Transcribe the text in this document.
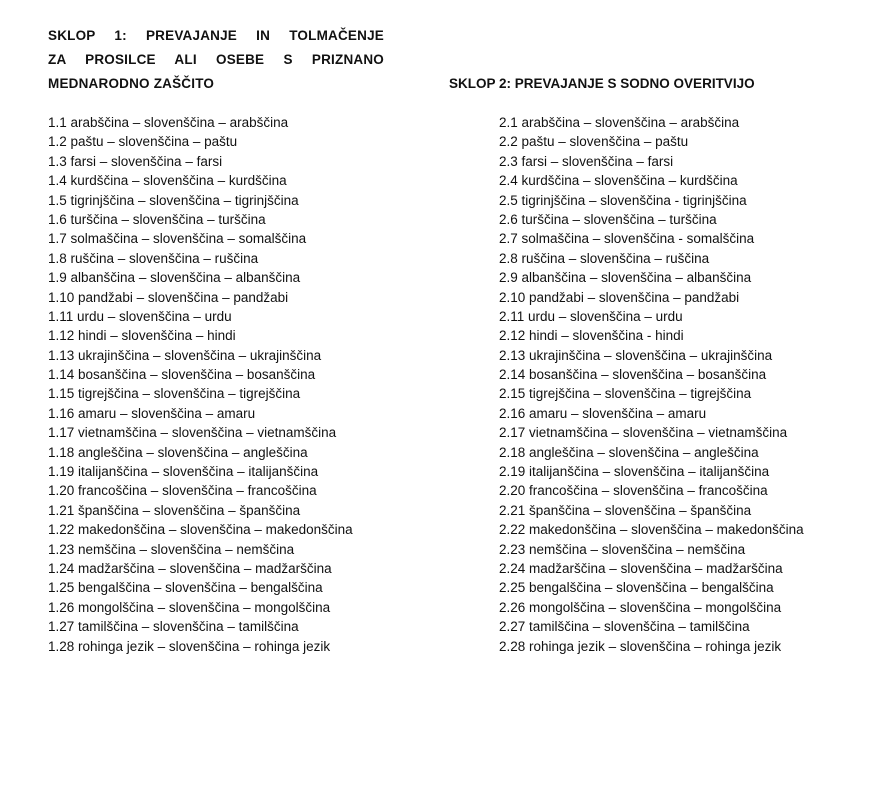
SKLOP 1: PREVAJANJE IN TOLMAČENJE
ZA PROSILCE ALI OSEBE S PRIZNANO
MEDNARODNO ZAŠČITO
1.1 arabščina – slovenščina – arabščina
1.2 paštu – slovenščina – paštu
1.3 farsi – slovenščina – farsi
1.4 kurdščina – slovenščina – kurdščina
1.5 tigrinjščina – slovenščina – tigrinjščina
1.6 turščina – slovenščina – turščina
1.7 solmaščina – slovenščina – somalščina
1.8 ruščina – slovenščina – ruščina
1.9 albanščina – slovenščina – albanščina
1.10 pandžabi – slovenščina – pandžabi
1.11 urdu – slovenščina – urdu
1.12 hindi – slovenščina – hindi
1.13 ukrajinščina – slovenščina – ukrajinščina
1.14 bosanščina – slovenščina – bosanščina
1.15 tigrejščina – slovenščina – tigrejščina
1.16 amaru – slovenščina – amaru
1.17 vietnamščina – slovenščina – vietnamščina
1.18 angleščina – slovenščina – angleščina
1.19 italijanščina – slovenščina – italijanščina
1.20 francoščina – slovenščina – francoščina
1.21 španščina – slovenščina – španščina
1.22 makedonščina – slovenščina – makedonščina
1.23 nemščina – slovenščina – nemščina
1.24 madžarščina – slovenščina – madžarščina
1.25 bengalščina – slovenščina – bengalščina
1.26 mongolščina – slovenščina – mongolščina
1.27 tamilščina – slovenščina – tamilščina
1.28 rohinga jezik – slovenščina – rohinga jezik
SKLOP 2: PREVAJANJE S SODNO OVERITVIJO
2.1 arabščina – slovenščina – arabščina
2.2 paštu – slovenščina – paštu
2.3 farsi – slovenščina – farsi
2.4 kurdščina – slovenščina – kurdščina
2.5 tigrinjščina – slovenščina - tigrinjščina
2.6 turščina – slovenščina – turščina
2.7 solmaščina – slovenščina - somalščina
2.8 ruščina – slovenščina – ruščina
2.9 albanščina – slovenščina – albanščina
2.10 pandžabi – slovenščina – pandžabi
2.11 urdu – slovenščina – urdu
2.12 hindi – slovenščina - hindi
2.13 ukrajinščina – slovenščina – ukrajinščina
2.14 bosanščina – slovenščina – bosanščina
2.15 tigrejščina – slovenščina – tigrejščina
2.16 amaru – slovenščina – amaru
2.17 vietnamščina – slovenščina – vietnamščina
2.18 angleščina – slovenščina – angleščina
2.19 italijanščina – slovenščina – italijanščina
2.20 francoščina – slovenščina – francoščina
2.21 španščina – slovenščina – španščina
2.22 makedonščina – slovenščina – makedonščina
2.23 nemščina – slovenščina – nemščina
2.24 madžarščina – slovenščina – madžarščina
2.25 bengalščina – slovenščina – bengalščina
2.26 mongolščina – slovenščina – mongolščina
2.27 tamilščina – slovenščina – tamilščina
2.28 rohinga jezik – slovenščina – rohinga jezik
